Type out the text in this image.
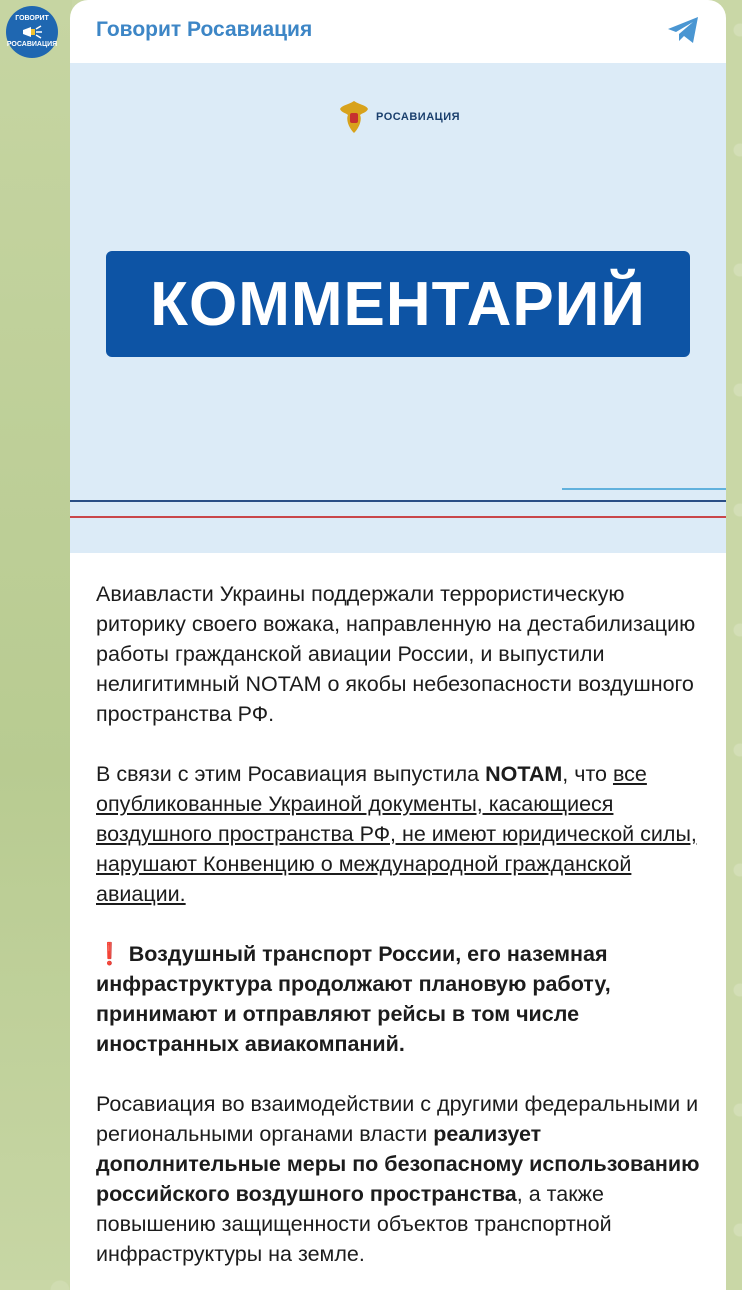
ГОВОРИТ
РОСАВИАЦИЯ
Говорит Росавиация
РОСАВИАЦИЯ
КОММЕНТАРИЙ

Авиавласти Украины поддержали террористическую риторику своего вожака, направленную на дестабилизацию работы гражданской авиации России, и выпустили нелигитимный NOTAM о якобы небезопасности воздушного пространства РФ.

В связи с этим Росавиация выпустила NOTAM, что все опубликованные Украиной документы, касающиеся воздушного пространства РФ, не имеют юридической силы, нарушают Конвенцию о международной гражданской авиации.

❗ Воздушный транспорт России, его наземная инфраструктура продолжают плановую работу, принимают и отправляют рейсы в том числе иностранных авиакомпаний.

Росавиация во взаимодействии с другими федеральными и региональными органами власти реализует дополнительные меры по безопасному использованию российского воздушного пространства, а также повышению защищенности объектов транспортной инфраструктуры на земле.
